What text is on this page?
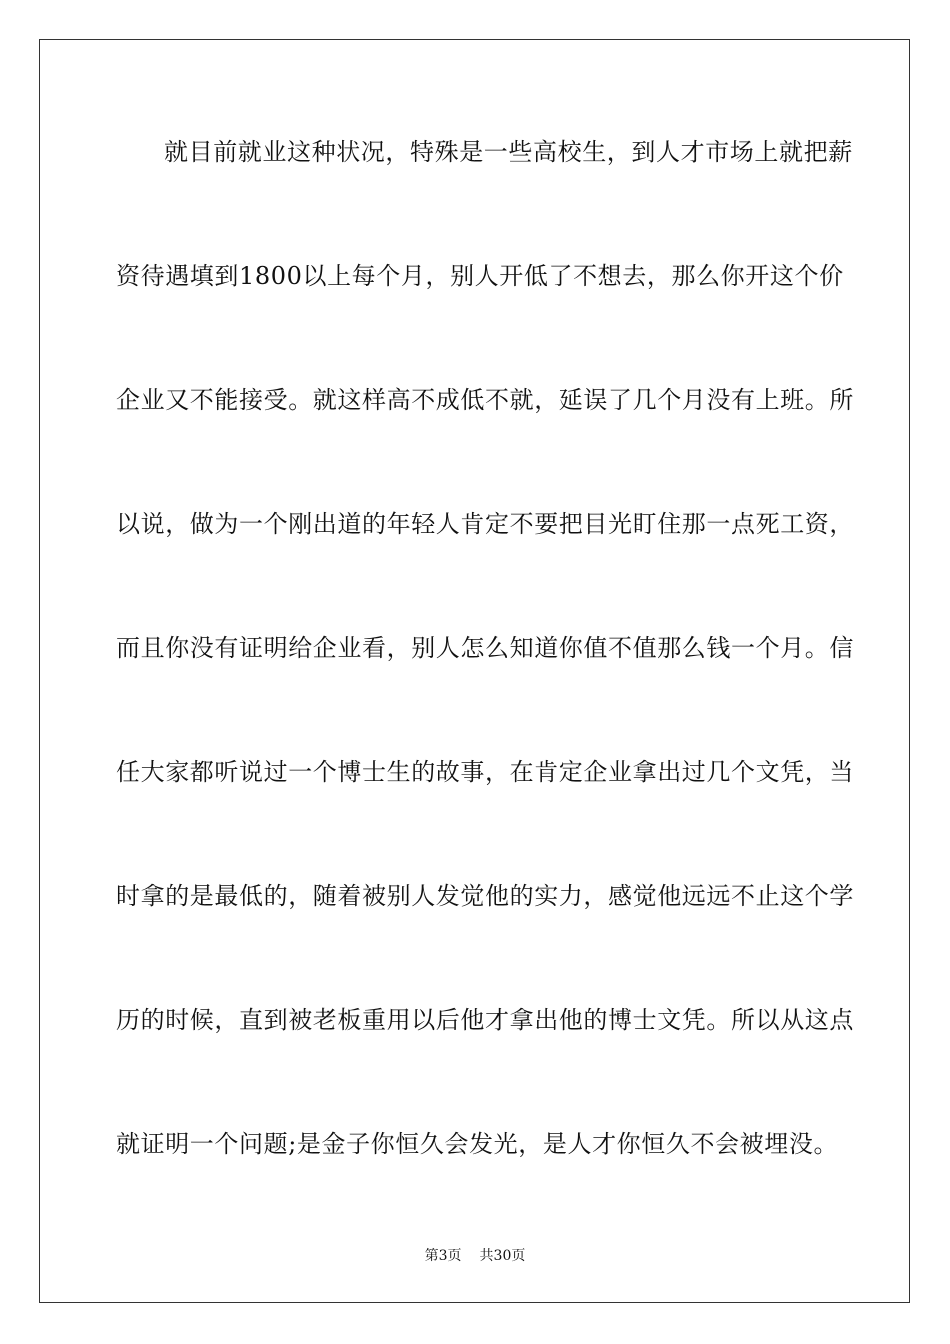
就目前就业这种状况，特殊是一些高校生，到人才市场上就把薪
资待遇填到1800以上每个月，别人开低了不想去，那么你开这个价
企业又不能接受。就这样高不成低不就，延误了几个月没有上班。所
以说，做为一个刚出道的年轻人肯定不要把目光盯住那一点死工资，
而且你没有证明给企业看，别人怎么知道你值不值那么钱一个月。信
任大家都听说过一个博士生的故事，在肯定企业拿出过几个文凭，当
时拿的是最低的，随着被别人发觉他的实力，感觉他远远不止这个学
历的时候，直到被老板重用以后他才拿出他的博士文凭。所以从这点
就证明一个问题;是金子你恒久会发光，是人才你恒久不会被埋没。
第3页 共30页
